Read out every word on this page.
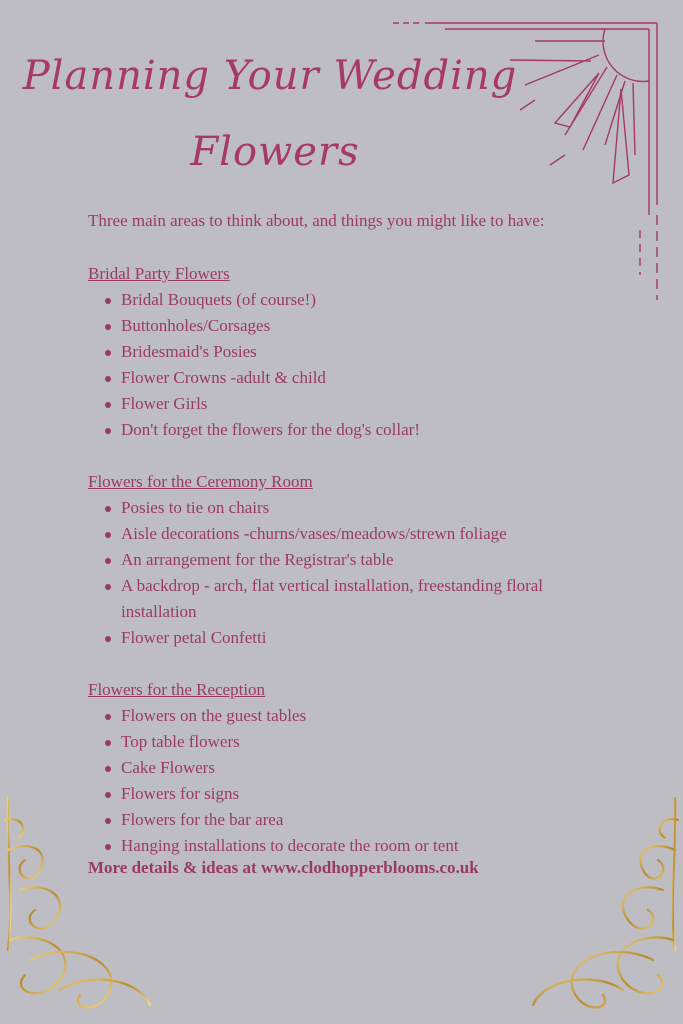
Planning Your Wedding
Flowers

Three main areas to think about, and things you might like to have:

Bridal Party Flowers
Bridal Bouquets (of course!)
Buttonholes/Corsages
Bridesmaid's Posies
Flower Crowns -adult & child
Flower Girls
Don't forget the flowers for the dog's collar!
Flowers for the Ceremony Room
Posies to tie on chairs
Aisle decorations -churns/vases/meadows/strewn foliage
An arrangement for the Registrar's table
A backdrop - arch, flat vertical installation, freestanding floral installation
Flower petal Confetti
Flowers for the Reception
Flowers on the guest tables
Top table flowers
Cake Flowers
Flowers for signs
Flowers for the bar area
Hanging installations to decorate the room or tent

More details & ideas at www.clodhopperblooms.co.uk
